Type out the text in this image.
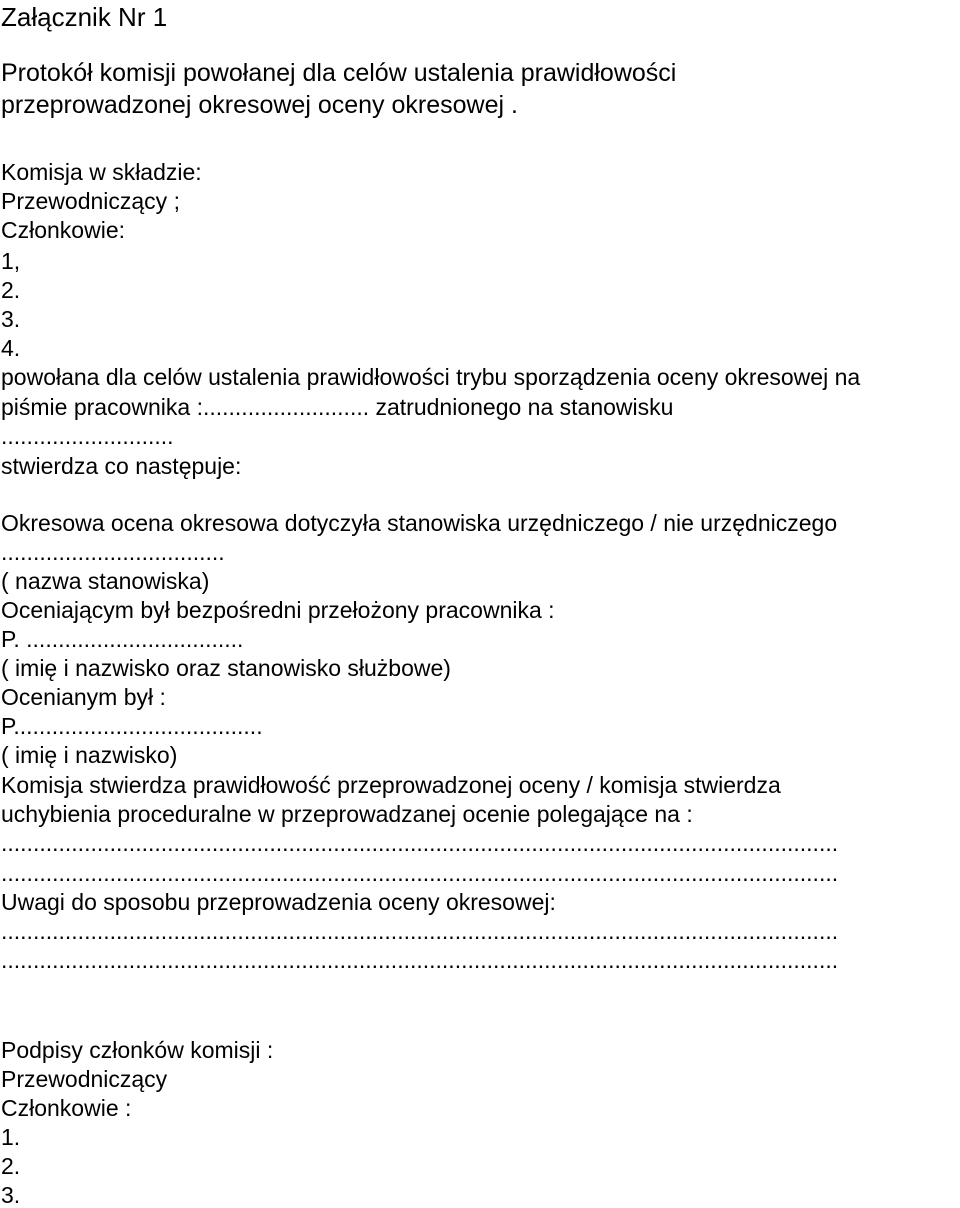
Załącznik Nr 1
Protokół komisji powołanej dla celów ustalenia prawidłowości
przeprowadzonej okresowej oceny okresowej .
Komisja w składzie:
Przewodniczący ;
Członkowie:
1,
2.
3.
4.
powołana dla celów ustalenia prawidłowości trybu sporządzenia oceny okresowej na
piśmie pracownika :.......................... zatrudnionego na stanowisku
...........................
stwierdza co następuje:
Okresowa ocena okresowa dotyczyła stanowiska urzędniczego / nie urzędniczego
...................................
( nazwa stanowiska)
Oceniającym był bezpośredni przełożony pracownika :
P. ..................................
( imię i nazwisko oraz stanowisko służbowe)
Ocenianym był :
P.......................................
( imię i nazwisko)
Komisja stwierdza prawidłowość przeprowadzonej oceny / komisja stwierdza
uchybienia proceduralne w przeprowadzanej ocenie polegające na :
...................................................................................................................................
...................................................................................................................................
Uwagi do sposobu przeprowadzenia oceny okresowej:
...................................................................................................................................
...................................................................................................................................
Podpisy członków komisji :
Przewodniczący
Członkowie :
1.
2.
3.
